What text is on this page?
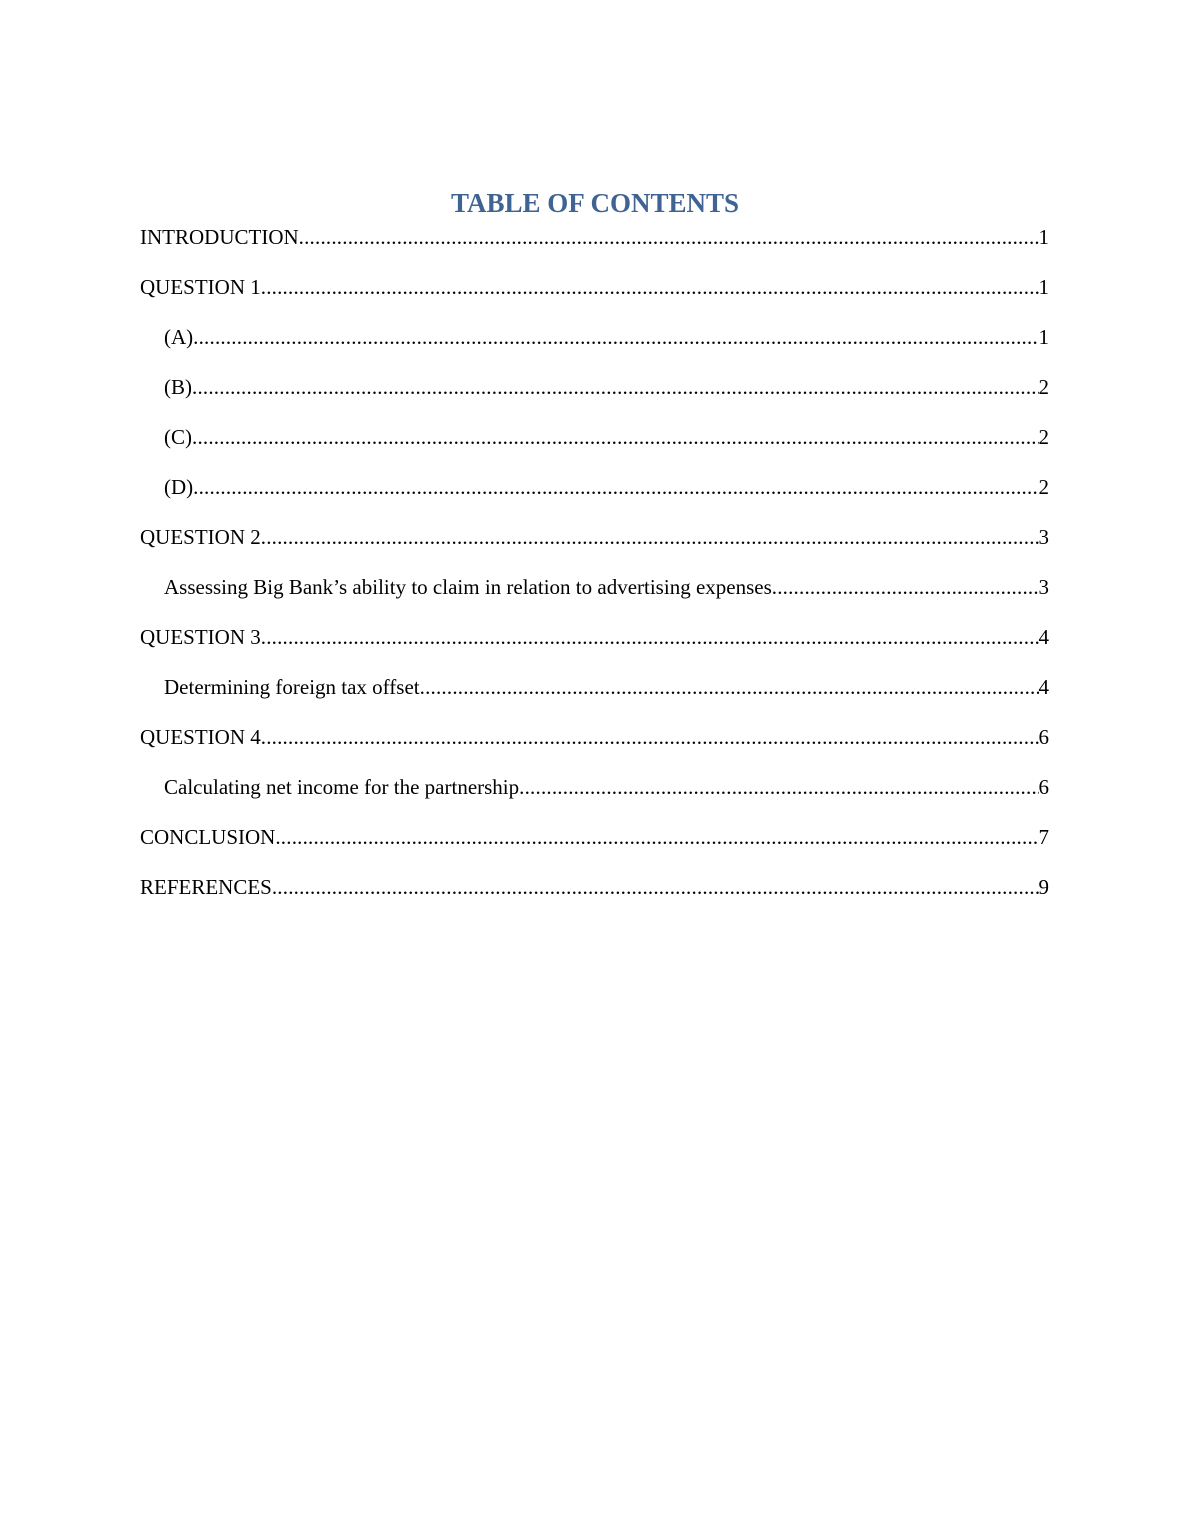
TABLE OF CONTENTS
INTRODUCTION .....	1
QUESTION 1 .....	1
(A) .....	1
(B) .....	2
(C) .....	2
(D) .....	2
QUESTION 2 .....	3
Assessing Big Bank’s ability to claim in relation to advertising expenses .....	3
QUESTION 3 .....	4
Determining foreign tax offset .....	4
QUESTION 4 .....	6
Calculating net income for the partnership .....	6
CONCLUSION .....	7
REFERENCES .....	9
